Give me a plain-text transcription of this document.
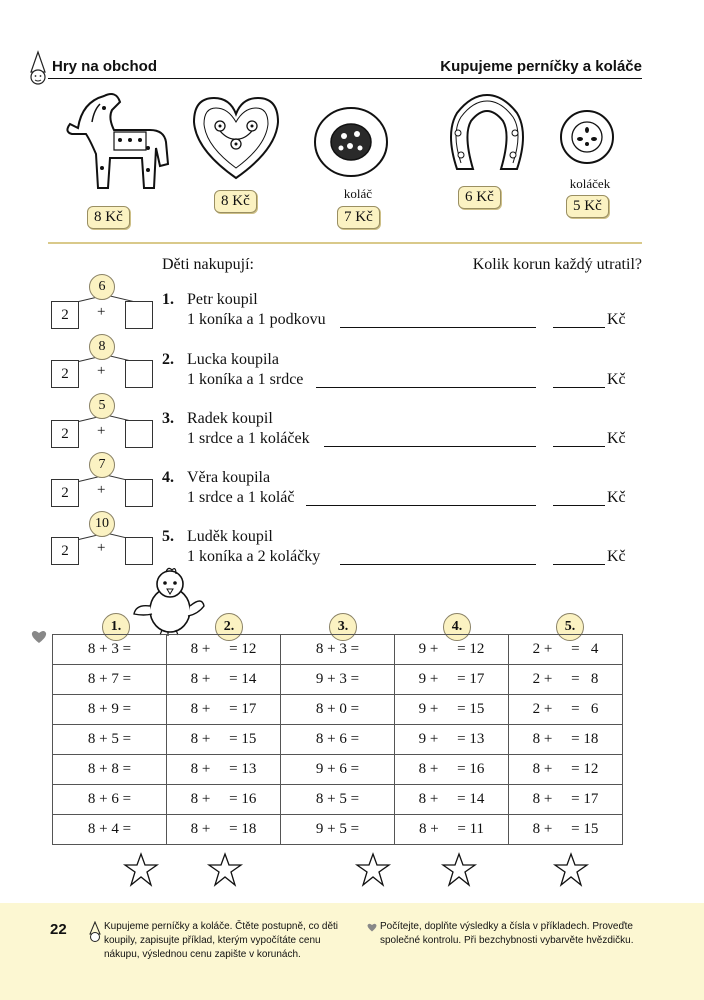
Hry na obchod	Kupujeme perníčky a koláče
8 Kč
8 Kč	koláč
7 Kč
6 Kč
koláček
5 Kč
Děti nakupují:	Kolik korun každý utratil?
6
2	+
1. Petr koupil
1 koníka a 1 podkovu	Kč
8
2	+
2. Lucka koupila
1 koníka a 1 srdce	Kč
5
2	+
3. Radek koupil
1 srdce a 1 koláček	Kč
7
2	+
4. Věra koupila
1 srdce a 1 koláč	Kč
10
2	+
5. Luděk koupil
1 koníka a 2 koláčky	Kč
1.	2.	3.	4.	5.
8 + 3 =	8 +     = 12	8 + 3 =	9 +     = 12	2 +     =   4
8 + 7 =	8 +     = 14	9 + 3 =	9 +     = 17	2 +     =   8
8 + 9 =	8 +     = 17	8 + 0 =	9 +     = 15	2 +     =   6
8 + 5 =	8 +     = 15	8 + 6 =	9 +     = 13	8 +     = 18
8 + 8 =	8 +     = 13	9 + 6 =	8 +     = 16	8 +     = 12
8 + 6 =	8 +     = 16	8 + 5 =	8 +     = 14	8 +     = 17
8 + 4 =	8 +     = 18	9 + 5 =	8 +     = 11	8 +     = 15
22	Kupujeme perníčky a koláče. Čtěte postupně, co děti koupily, zapisujte příklad, kterým vypočítáte cenu nákupu, výslednou cenu zapište v korunách.
Počítejte, doplňte výsledky a čísla v příkladech. Proveďte společné kontrolu. Při bezchybnosti vybarvěte hvězdičku.
